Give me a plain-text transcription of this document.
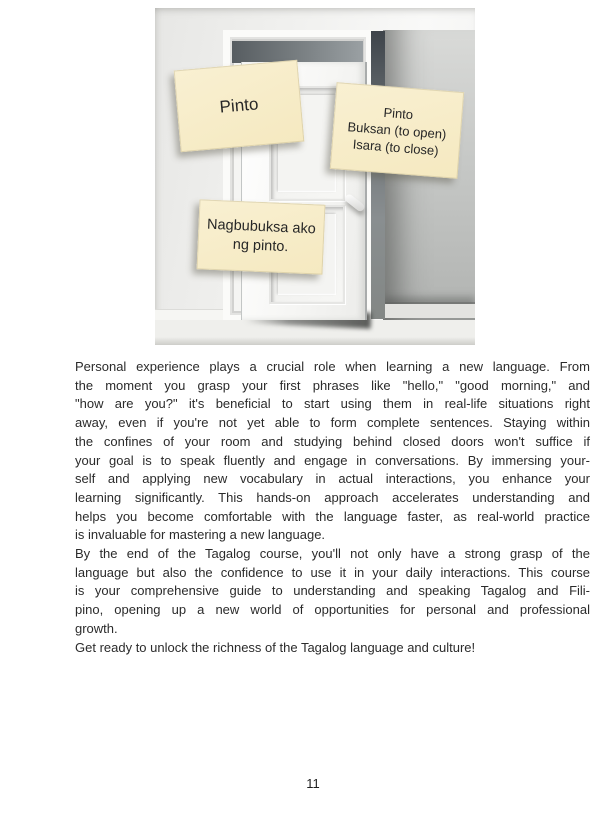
Pinto	Pinto
Buksan (to open)
Isara (to close)
Nagbubuksa ako
ng pinto.
Personal experience plays a crucial role when learning a new language. From
the moment you grasp your first phrases like "hello," "good morning," and
"how are you?" it's beneficial to start using them in real-life situations right
away, even if you're not yet able to form complete sentences. Staying within
the confines of your room and studying behind closed doors won't suffice if
your goal is to speak fluently and engage in conversations. By immersing your-
self and applying new vocabulary in actual interactions, you enhance your
learning significantly. This hands-on approach accelerates understanding and
helps you become comfortable with the language faster, as real-world practice
is invaluable for mastering a new language.
By the end of the Tagalog course, you'll not only have a strong grasp of the
language but also the confidence to use it in your daily interactions. This course
is your comprehensive guide to understanding and speaking Tagalog and Fili-
pino, opening up a new world of opportunities for personal and professional
growth.
Get ready to unlock the richness of the Tagalog language and culture!
11
